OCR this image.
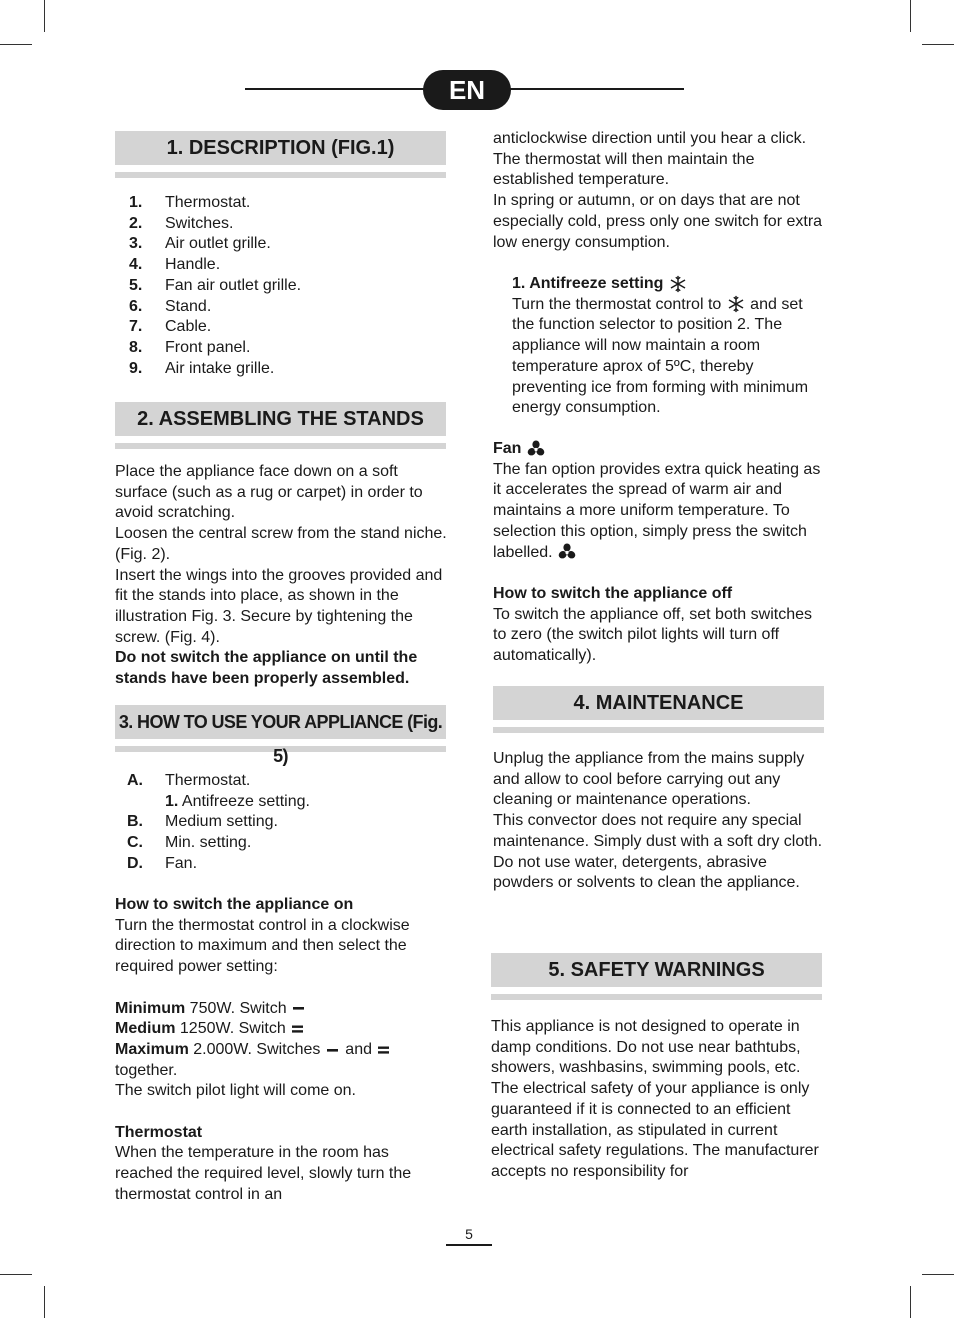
EN
1. DESCRIPTION (FIG.1)
1.	Thermostat.
2.	Switches.
3.	Air outlet grille.
4.	Handle.
5.	Fan air outlet grille.
6.	Stand.
7.	Cable.
8.	Front panel.
9.	Air intake grille.
2. ASSEMBLING THE STANDS

Place the appliance face down on a soft surface (such as a rug or carpet) in order to avoid scratching.

Loosen the central screw from the stand niche. (Fig. 2).

Insert the wings into the grooves provided and fit the stands into place, as shown in the illustration Fig. 3. Secure by tightening the screw. (Fig. 4).

Do not switch the appliance on until the stands have been properly assembled.

3. HOW TO USE YOUR APPLIANCE (Fig. 5)
A.	Thermostat.
1. Antifreeze setting.
B.	Medium setting.
C.	Min. setting.
D.	Fan.

How to switch the appliance on

Turn the thermostat control in a clockwise direction to maximum and then select the required power setting:

Minimum 750W. Switch

Medium 1250W. Switch

Maximum 2.000W. Switches  and

together.

The switch pilot light will come on.

Thermostat

When the temperature in the room has reached the required level, slowly turn the thermostat control in an

anticlockwise direction until you hear a click. The thermostat will then maintain the established temperature.

In spring or autumn, or on days that are not especially cold, press only one switch for extra low energy consumption.

1. Antifreeze setting

Turn the thermostat control to  and set the function selector to position 2. The appliance will now maintain a room temperature aprox of 5ºC, thereby preventing ice from forming with minimum energy consumption.

Fan

The fan option provides extra quick heating as it accelerates the spread of warm air and maintains a more uniform temperature. To selection this option, simply press the switch labelled.

How to switch the appliance off

To switch the appliance off, set both switches to zero (the switch pilot lights will turn off automatically).

4. MAINTENANCE

Unplug the appliance from the mains supply and allow to cool before carrying out any cleaning or maintenance operations.

This convector does not require any special maintenance. Simply dust with a soft dry cloth.

Do not use water, detergents, abrasive powders or solvents to clean the appliance.

5. SAFETY WARNINGS

This appliance is not designed to operate in damp conditions. Do not use near bathtubs, showers, washbasins, swimming pools, etc.

The electrical safety of your appliance is only guaranteed if it is connected to an efficient earth installation, as stipulated in current electrical safety regulations. The manufacturer accepts no responsibility for

5
